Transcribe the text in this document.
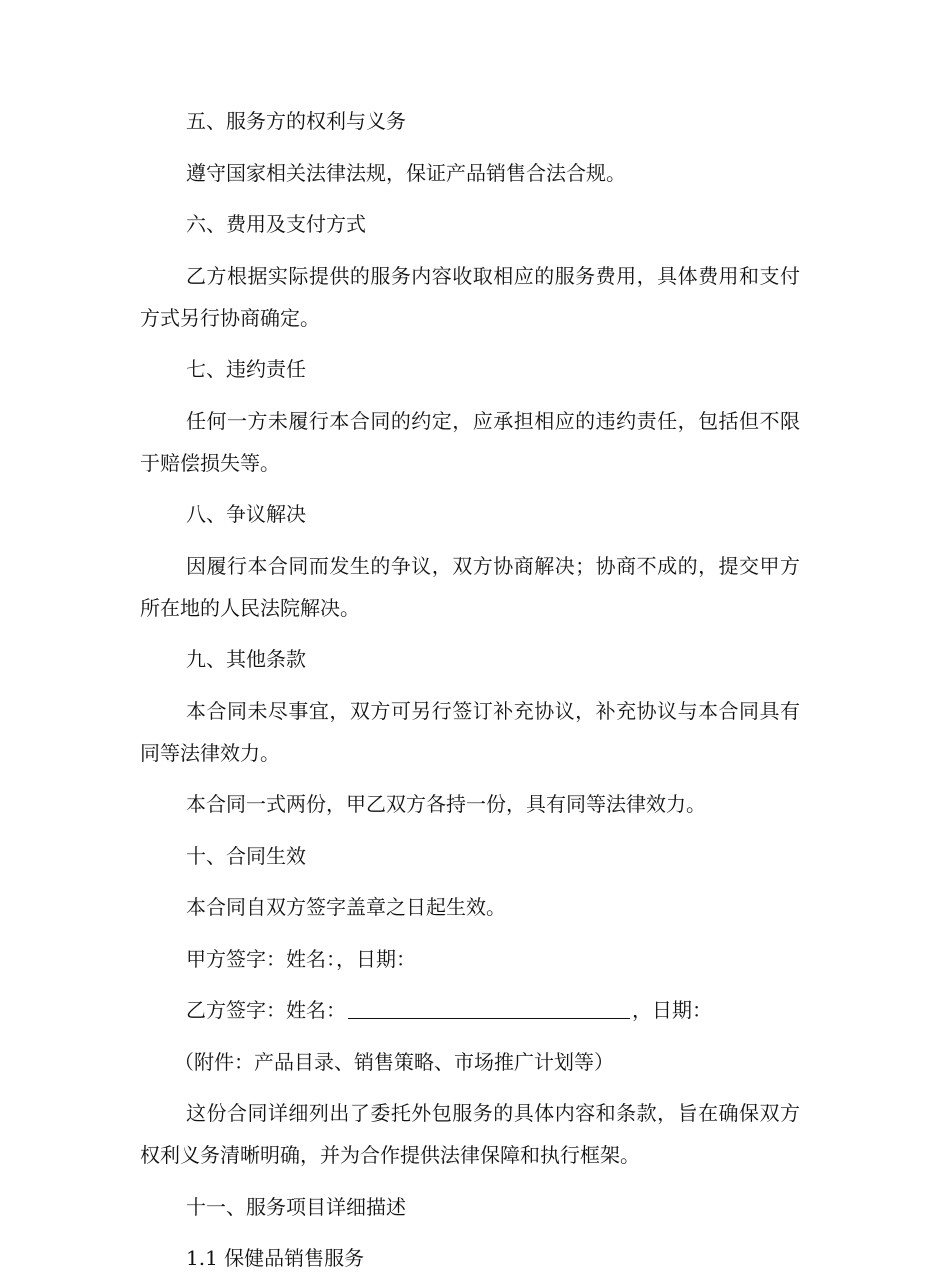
五、服务方的权利与义务

遵守国家相关法律法规，保证产品销售合法合规。

六、费用及支付方式

乙方根据实际提供的服务内容收取相应的服务费用，具体费用和支付方式另行协商确定。

七、违约责任

任何一方未履行本合同的约定，应承担相应的违约责任，包括但不限于赔偿损失等。

八、争议解决

因履行本合同而发生的争议，双方协商解决；协商不成的，提交甲方所在地的人民法院解决。

九、其他条款

本合同未尽事宜，双方可另行签订补充协议，补充协议与本合同具有同等法律效力。

本合同一式两份，甲乙双方各持一份，具有同等法律效力。

十、合同生效

本合同自双方签字盖章之日起生效。

甲方签字：姓名：，日期：

乙方签字：姓名：	，日期：

（附件：产品目录、销售策略、市场推广计划等）

这份合同详细列出了委托外包服务的具体内容和条款，旨在确保双方权利义务清晰明确，并为合作提供法律保障和执行框架。

十一、服务项目详细描述

1.1 保健品销售服务
